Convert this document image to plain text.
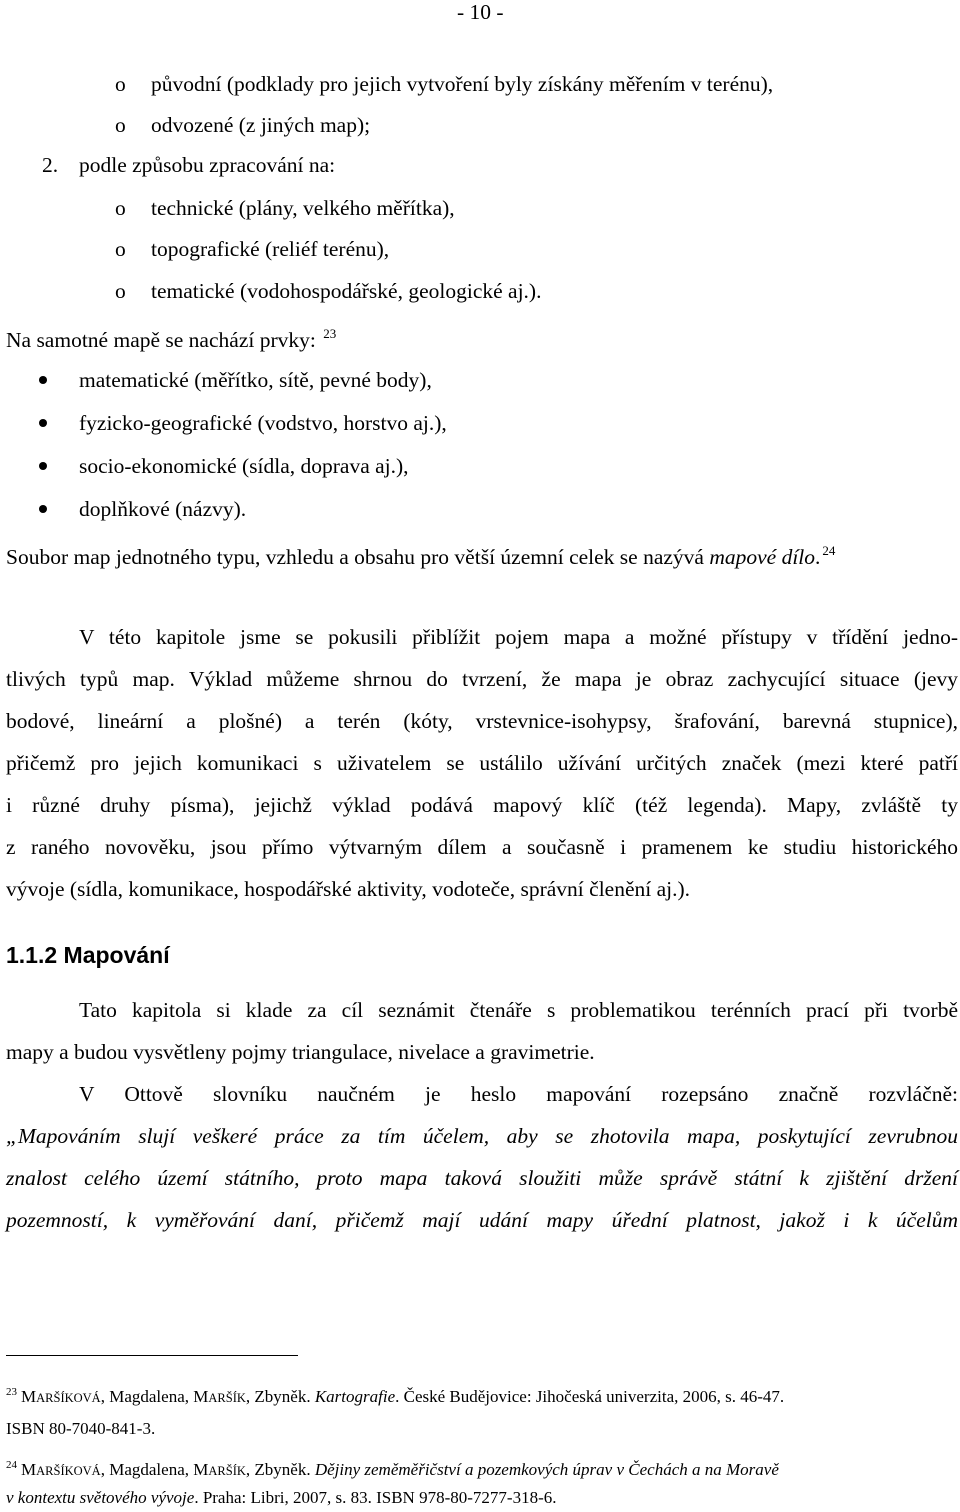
- 10 -
o původní (podklady pro jejich vytvoření byly získány měřením v terénu),
o odvozené (z jiných map);
2. podle způsobu zpracování na:
o technické (plány, velkého měřítka),
o topografické (reliéf terénu),
o tematické (vodohospodářské, geologické aj.).
Na samotné mapě se nachází prvky: $^{23}$
matematické (měřítko, sítě, pevné body),
fyzicko-geografické (vodstvo, horstvo aj.),
socio-ekonomické (sídla, doprava aj.),
doplňkové (názvy).
Soubor map jednotného typu, vzhledu a obsahu pro větší územní celek se nazývá mapové dílo. $^{24}$
V této kapitole jsme se pokusili přiblížit pojem mapa a možné přístupy v třídění jedno-
tlivých typů map. Výklad můžeme shrnou do tvrzení, že mapa je obraz zachycující situace (jevy
bodové, lineární a plošné) a terén (kóty, vrstevnice-isohypsy, šrafování, barevná stupnice),
přičemž pro jejich komunikaci s uživatelem se ustálilo užívání určitých značek (mezi které patří
i různé druhy písma), jejichž výklad podává mapový klíč (též legenda). Mapy, zvláště ty
z raného novověku, jsou přímo výtvarným dílem a současně i pramenem ke studiu historického
vývoje (sídla, komunikace, hospodářské aktivity, vodoteče, správní členění aj.).
1.1.2 Mapování
Tato kapitola si klade za cíl seznámit čtenáře s problematikou terénních prací při tvorbě
mapy a budou vysvětleny pojmy triangulace, nivelace a gravimetrie.
V Ottově slovníku naučném je heslo mapování rozepsáno značně rozvláčně:
„Mapováním slují veškeré práce za tím účelem, aby se zhotovila mapa, poskytující zevrubnou
znalost celého území státního, proto mapa taková sloužiti může správě státní k zjištění držení
pozemností, k vyměřování daní, přičemž mají udání mapy úřední platnost, jakož i k účelům
$^{23}$ MARŠÍKOVÁ, Magdalena, MARŠÍK, Zbyněk. Kartografie. České Budějovice: Jihočeská univerzita, 2006, s. 46-47.
ISBN 80-7040-841-3.
$^{24}$ MARŠÍKOVÁ, Magdalena, MARŠÍK, Zbyněk. Dějiny zeměměřičství a pozemkových úprav v Čechách a na Moravě
v kontextu světového vývoje. Praha: Libri, 2007, s. 83. ISBN 978-80-7277-318-6.
